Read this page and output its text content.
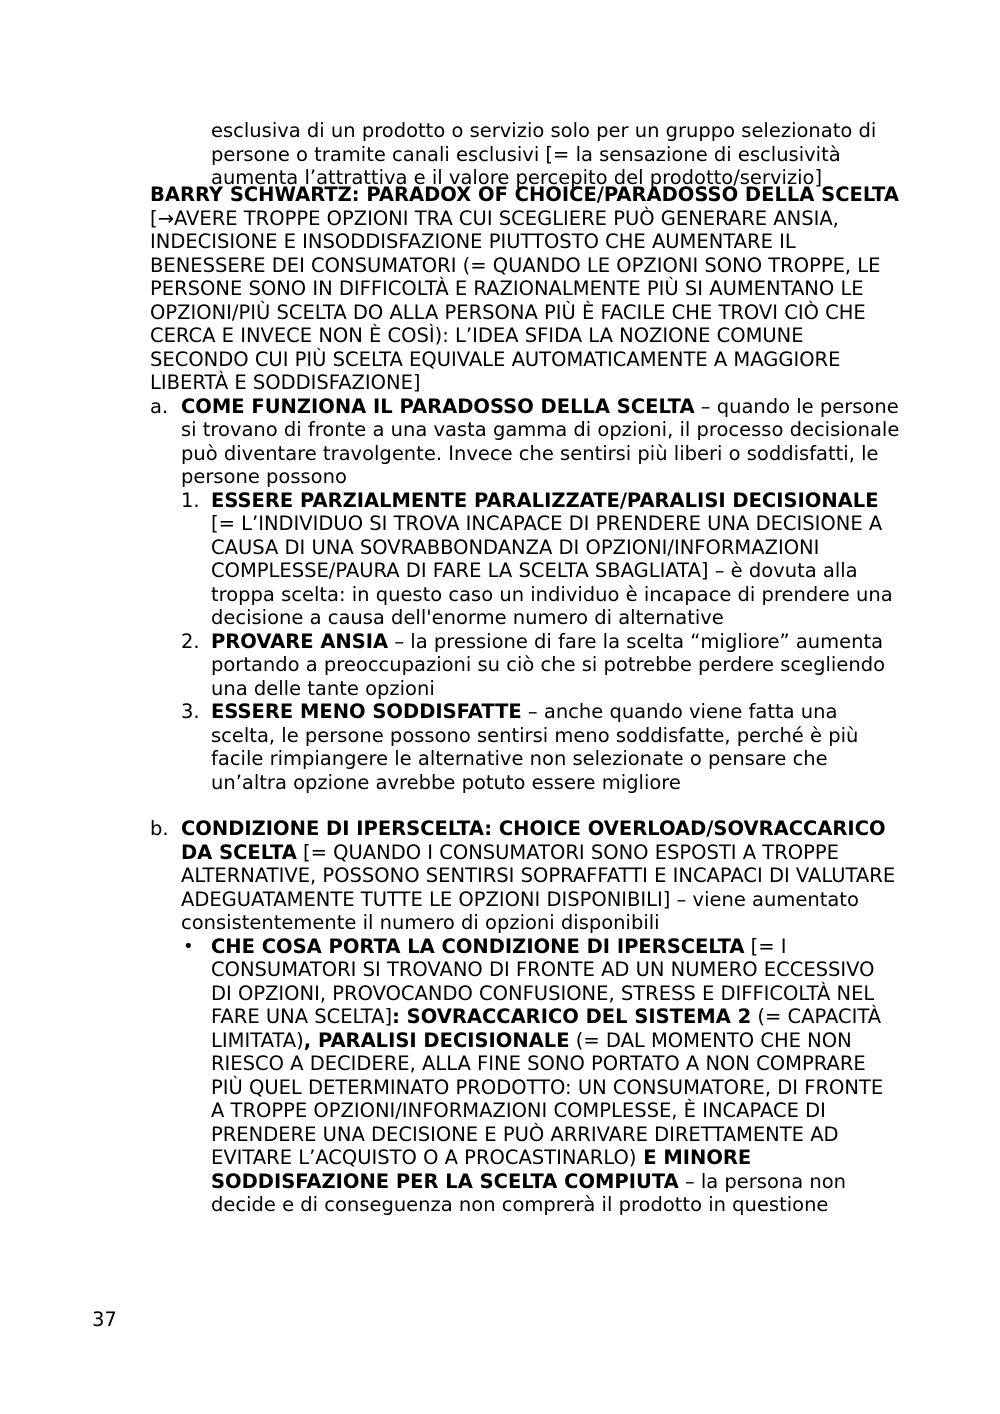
esclusiva di un prodotto o servizio solo per un gruppo selezionato di persone o tramite canali esclusivi [= la sensazione di esclusività aumenta l’attrattiva e il valore percepito del prodotto/servizio]
BARRY SCHWARTZ: PARADOX OF CHOICE/PARADOSSO DELLA SCELTA [→AVERE TROPPE OPZIONI TRA CUI SCEGLIERE PUÒ GENERARE ANSIA, INDECISIONE E INSODDISFAZIONE PIUTTOSTO CHE AUMENTARE IL BENESSERE DEI CONSUMATORI (= QUANDO LE OPZIONI SONO TROPPE, LE PERSONE SONO IN DIFFICOLTÀ E RAZIONALMENTE PIÙ SI AUMENTANO LE OPZIONI/PIÙ SCELTA DO ALLA PERSONA PIÙ È FACILE CHE TROVI CIÒ CHE CERCA E INVECE NON È COSÌ): L’IDEA SFIDA LA NOZIONE COMUNE SECONDO CUI PIÙ SCELTA EQUIVALE AUTOMATICAMENTE A MAGGIORE LIBERTÀ E SODDISFAZIONE]
a. COME FUNZIONA IL PARADOSSO DELLA SCELTA – quando le persone si trovano di fronte a una vasta gamma di opzioni, il processo decisionale può diventare travolgente. Invece che sentirsi più liberi o soddisfatti, le persone possono
1. ESSERE PARZIALMENTE PARALIZZATE/PARALISI DECISIONALE [= L’INDIVIDUO SI TROVA INCAPACE DI PRENDERE UNA DECISIONE A CAUSA DI UNA SOVRABBONDANZA DI OPZIONI/INFORMAZIONI COMPLESSE/PAURA DI FARE LA SCELTA SBAGLIATA] – è dovuta alla troppa scelta: in questo caso un individuo è incapace di prendere una decisione a causa dell'enorme numero di alternative
2. PROVARE ANSIA – la pressione di fare la scelta “migliore” aumenta portando a preoccupazioni su ciò che si potrebbe perdere scegliendo una delle tante opzioni
3. ESSERE MENO SODDISFATTE – anche quando viene fatta una scelta, le persone possono sentirsi meno soddisfatte, perché è più facile rimpiangere le alternative non selezionate o pensare che un’altra opzione avrebbe potuto essere migliore
b. CONDIZIONE DI IPERSCELTA: CHOICE OVERLOAD/SOVRACCARICO DA SCELTA [= QUANDO I CONSUMATORI SONO ESPOSTI A TROPPE ALTERNATIVE, POSSONO SENTIRSI SOPRAFFATTI E INCAPACI DI VALUTARE ADEGUATAMENTE TUTTE LE OPZIONI DISPONIBILI] – viene aumentato consistentemente il numero di opzioni disponibili
• CHE COSA PORTA LA CONDIZIONE DI IPERSCELTA [= I CONSUMATORI SI TROVANO DI FRONTE AD UN NUMERO ECCESSIVO DI OPZIONI, PROVOCANDO CONFUSIONE, STRESS E DIFFICOLTÀ NEL FARE UNA SCELTA]: SOVRACCARICO DEL SISTEMA 2 (= CAPACITÀ LIMITATA), PARALISI DECISIONALE (= DAL MOMENTO CHE NON RIESCO A DECIDERE, ALLA FINE SONO PORTATO A NON COMPRARE PIÙ QUEL DETERMINATO PRODOTTO: UN CONSUMATORE, DI FRONTE A TROPPE OPZIONI/INFORMAZIONI COMPLESSE, È INCAPACE DI PRENDERE UNA DECISIONE E PUÒ ARRIVARE DIRETTAMENTE AD EVITARE L’ACQUISTO O A PROCASTINARLO) E MINORE SODDISFAZIONE PER LA SCELTA COMPIUTA – la persona non decide e di conseguenza non comprerà il prodotto in questione
37
